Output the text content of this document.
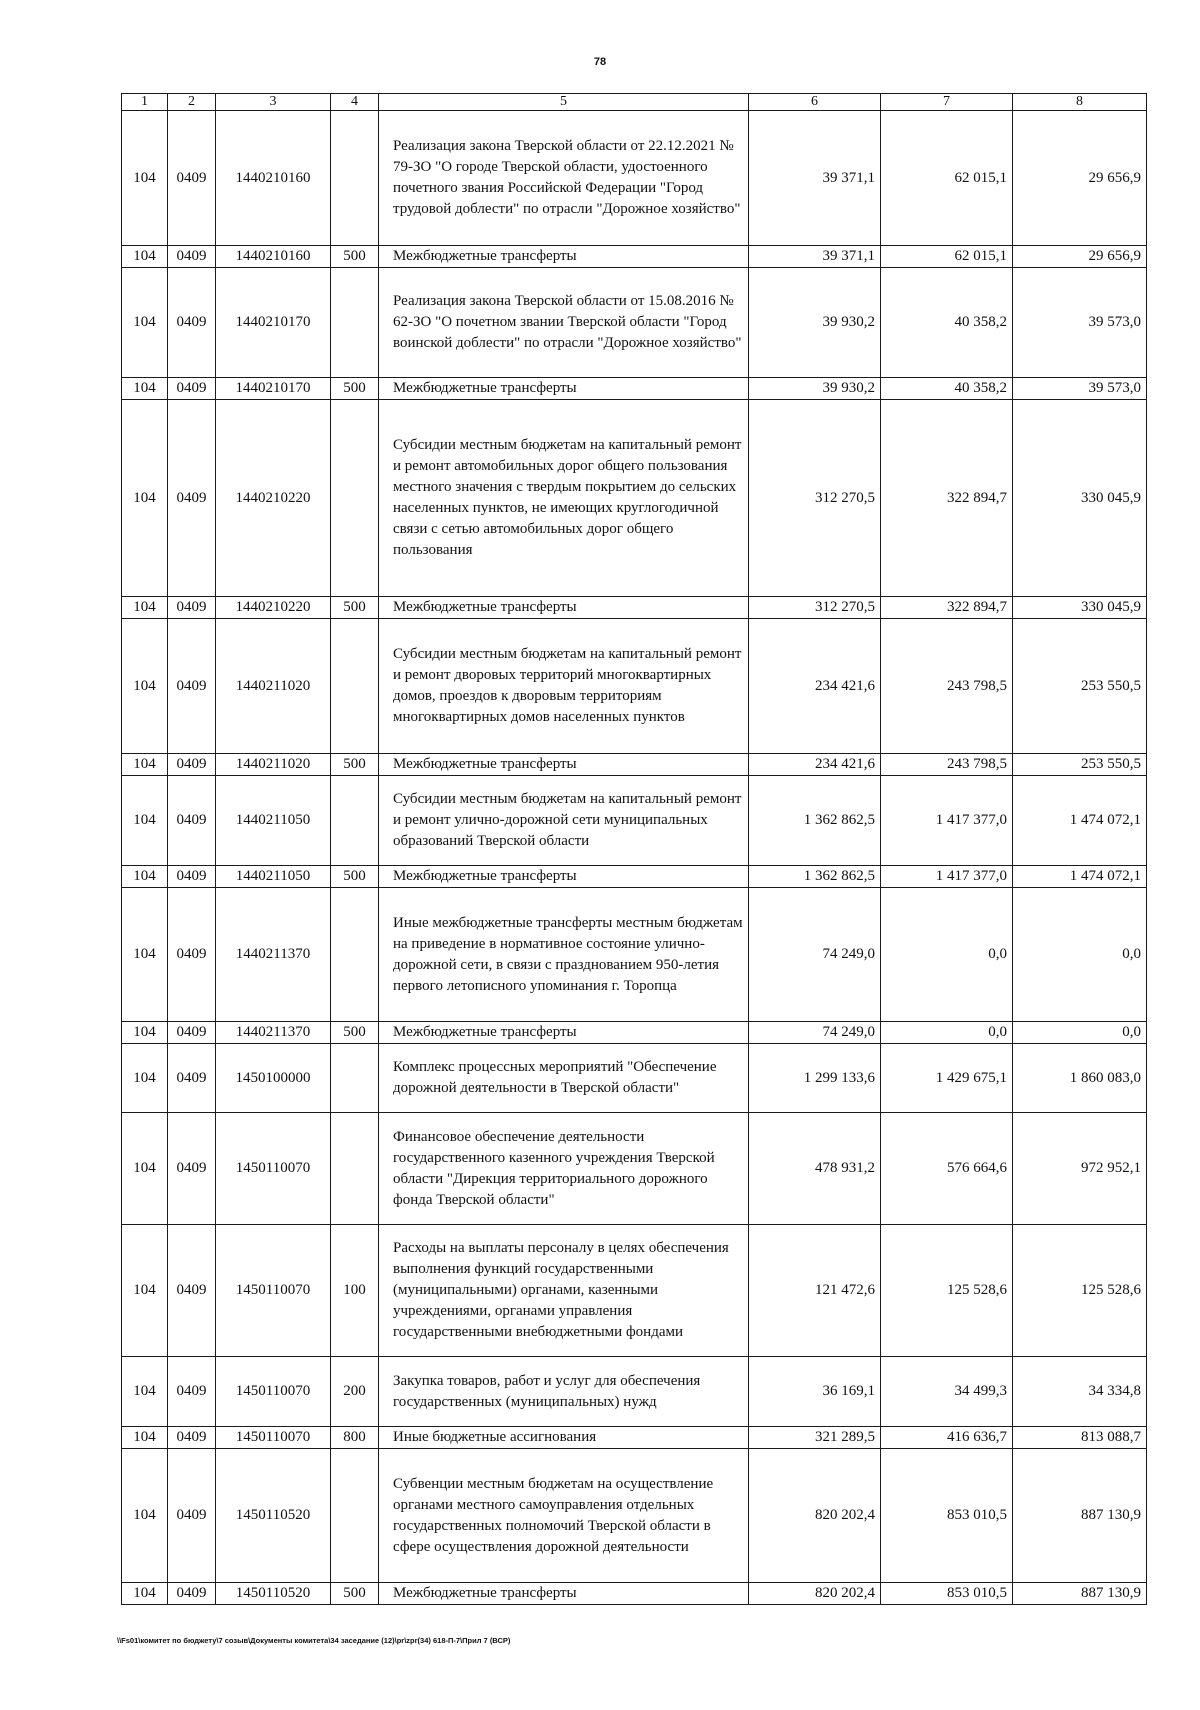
78
1	2	3	4	5	6	7	8
104	0409	1440210160		Реализация закона Тверской области от 22.12.2021 № 79-ЗО "О городе Тверской области, удостоенного почетного звания Российской Федерации "Город трудовой доблести" по отрасли "Дорожное хозяйство"	39 371,1	62 015,1	29 656,9
104	0409	1440210160	500	Межбюджетные трансферты	39 371,1	62 015,1	29 656,9
104	0409	1440210170		Реализация закона Тверской области от 15.08.2016 № 62-ЗО "О почетном звании Тверской области "Город воинской доблести" по отрасли "Дорожное хозяйство"	39 930,2	40 358,2	39 573,0
104	0409	1440210170	500	Межбюджетные трансферты	39 930,2	40 358,2	39 573,0
104	0409	1440210220		Субсидии местным бюджетам на капитальный ремонт и ремонт автомобильных дорог общего пользования местного значения с твердым покрытием до сельских населенных пунктов, не имеющих круглогодичной связи с сетью автомобильных дорог общего пользования	312 270,5	322 894,7	330 045,9
104	0409	1440210220	500	Межбюджетные трансферты	312 270,5	322 894,7	330 045,9
104	0409	1440211020		Субсидии местным бюджетам на капитальный ремонт и ремонт дворовых территорий многоквартирных домов, проездов к дворовым территориям многоквартирных домов населенных пунктов	234 421,6	243 798,5	253 550,5
104	0409	1440211020	500	Межбюджетные трансферты	234 421,6	243 798,5	253 550,5
104	0409	1440211050		Субсидии местным бюджетам на капитальный ремонт и ремонт улично-дорожной сети муниципальных образований Тверской области	1 362 862,5	1 417 377,0	1 474 072,1
104	0409	1440211050	500	Межбюджетные трансферты	1 362 862,5	1 417 377,0	1 474 072,1
104	0409	1440211370		Иные межбюджетные трансферты местным бюджетам на приведение в нормативное состояние улично-дорожной сети, в связи с празднованием 950-летия первого летописного упоминания г. Торопца	74 249,0	0,0	0,0
104	0409	1440211370	500	Межбюджетные трансферты	74 249,0	0,0	0,0
104	0409	1450100000		Комплекс процессных мероприятий "Обеспечение дорожной деятельности в Тверской области"	1 299 133,6	1 429 675,1	1 860 083,0
104	0409	1450110070		Финансовое обеспечение деятельности государственного казенного учреждения Тверской области "Дирекция территориального дорожного фонда Тверской области"	478 931,2	576 664,6	972 952,1
104	0409	1450110070	100	Расходы на выплаты персоналу в целях обеспечения выполнения функций государственными (муниципальными) органами, казенными учреждениями, органами управления государственными внебюджетными фондами	121 472,6	125 528,6	125 528,6
104	0409	1450110070	200	Закупка товаров, работ и услуг для обеспечения государственных (муниципальных) нужд	36 169,1	34 499,3	34 334,8
104	0409	1450110070	800	Иные бюджетные ассигнования	321 289,5	416 636,7	813 088,7
104	0409	1450110520		Субвенции местным бюджетам на осуществление органами местного самоуправления отдельных государственных полномочий Тверской области в сфере осуществления дорожной деятельности	820 202,4	853 010,5	887 130,9
104	0409	1450110520	500	Межбюджетные трансферты	820 202,4	853 010,5	887 130,9
\\Fs01\комитет по бюджету\7 созыв\Документы комитета\34 заседание (12)\pr\zpr(34) 618-П-7\Прил 7 (ВСР)
